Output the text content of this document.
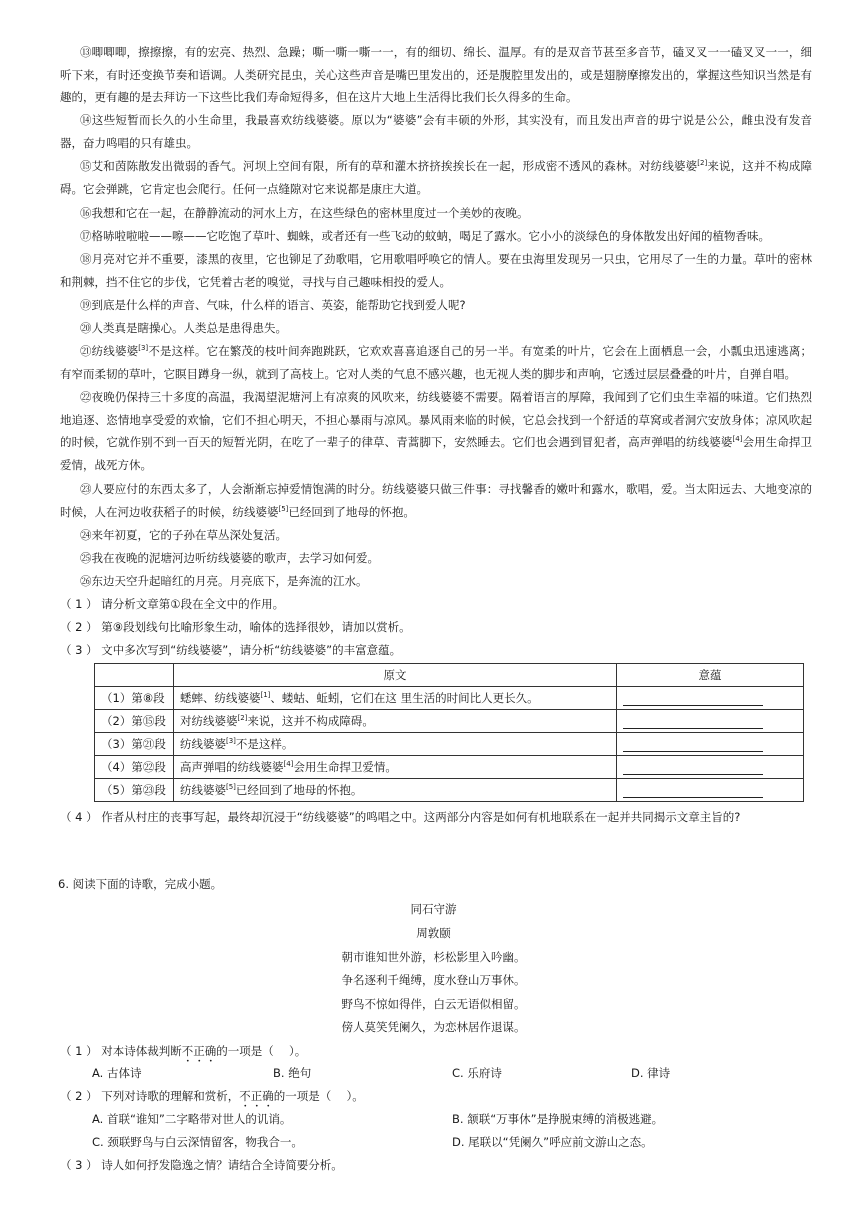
⑬唧唧唧，擦擦擦，有的宏亮、热烈、急躁；嘶一嘶一嘶一一，有的细切、绵长、温厚。有的是双音节甚至多音节，磕叉叉一一磕叉叉一一，细听下来，有时还变换节奏和语调。人类研究昆虫，关心这些声音是嘴巴里发出的，还是腹腔里发出的，或是翅膀摩擦发出的，掌握这些知识当然是有趣的，更有趣的是去拜访一下这些比我们寿命短得多，但在这片大地上生活得比我们长久得多的生命。

⑭这些短暂而长久的小生命里，我最喜欢纺线婆婆。原以为“婆婆”会有丰硕的外形，其实没有，而且发出声音的毋宁说是公公，雌虫没有发音器，奋力鸣唱的只有雄虫。

⑮艾和茵陈散发出微弱的香气。河坝上空间有限，所有的草和灌木挤挤挨挨长在一起，形成密不透风的森林。对纺线婆婆[2]来说，这并不构成障碍。它会弹跳，它肯定也会爬行。任何一点缝隙对它来说都是康庄大道。

⑯我想和它在一起，在静静流动的河水上方，在这些绿色的密林里度过一个美妙的夜晚。

⑰格哧啦啦啦——嚓——它吃饱了草叶、蜘蛛，或者还有一些飞动的蚊蚋，喝足了露水。它小小的淡绿色的身体散发出好闻的植物香味。

⑱月亮对它并不重要，漆黑的夜里，它也铆足了劲歌唱，它用歌唱呼唤它的情人。要在虫海里发现另一只虫，它用尽了一生的力量。草叶的密林和荆棘，挡不住它的步伐，它凭着古老的嗅觉，寻找与自己趣味相投的爱人。

⑲到底是什么样的声音、气味，什么样的语言、英姿，能帮助它找到爱人呢?

⑳人类真是瞎操心。人类总是患得患失。

㉑纺线婆婆[3]不是这样。它在繁茂的枝叶间奔跑跳跃，它欢欢喜喜追逐自己的另一半。有宽柔的叶片，它会在上面栖息一会，小瓢虫迅速逃离；有窄而柔韧的草叶，它瞑目蹲身一纵，就到了高枝上。它对人类的气息不感兴趣，也无视人类的脚步和声响，它透过层层叠叠的叶片，自弹自唱。

㉒夜晚仍保持三十多度的高温，我渴望泥塘河上有凉爽的风吹来，纺线婆婆不需要。隔着语言的厚障，我闻到了它们虫生幸福的味道。它们热烈地追逐、恣情地享受爱的欢愉，它们不担心明天，不担心暴雨与凉风。暴风雨来临的时候，它总会找到一个舒适的草窝或者洞穴安放身体；凉风吹起的时候，它就作别不到一百天的短暂光阴，在吃了一辈子的律草、青蒿脚下，安然睡去。它们也会遇到冒犯者，高声弹唱的纺线婆婆[4]会用生命捍卫爱情，战死方休。

㉓人要应付的东西太多了，人会渐渐忘掉爱情饱满的时分。纺线婆婆只做三件事：寻找馨香的嫩叶和露水，歌唱，爱。当太阳远去、大地变凉的时候，人在河边收获稻子的时候，纺线婆婆[5]已经回到了地母的怀抱。

㉔来年初夏，它的子孙在草丛深处复活。

㉕我在夜晚的泥塘河边听纺线婆婆的歌声，去学习如何爱。

㉖东边天空升起暗红的月亮。月亮底下，是奔流的江水。

（ 1 ） 请分析文章第①段在全文中的作用。

（ 2 ） 第⑨段划线句比喻形象生动，喻体的选择很妙，请加以赏析。

（ 3 ） 文中多次写到“纺线婆婆”，请分析“纺线婆婆”的丰富意蕴。

	原文	意蕴
（1）第⑧段	蟋蟀、纺线婆婆[1]、蝼蛄、蚯蚓，它们在这 里生活的时间比人更长久。	
（2）第⑮段	对纺线婆婆[2]来说，这并不构成障碍。	
（3）第㉑段	纺线婆婆[3]不是这样。	
（4）第㉒段	高声弹唱的纺线婆婆[4]会用生命捍卫爱情。	
（5）第㉓段	纺线婆婆[5]已经回到了地母的怀抱。	

（ 4 ） 作者从村庄的丧事写起，最终却沉浸于“纺线婆婆”的鸣唱之中。这两部分内容是如何有机地联系在一起并共同揭示文章主旨的?

6. 阅读下面的诗歌，完成小题。

同石守游

周敦颐

朝市谁知世外游，杉松影里入吟幽。

争名逐利千绳缚，度水登山万事休。

野鸟不惊如得伴，白云无语似相留。

傍人莫笑凭阑久，为恋林居作退谋。

（ 1 ） 对本诗体裁判断不正确的一项是（　 ）。

A. 古体诗	B. 绝句	C. 乐府诗	D. 律诗

（ 2 ） 下列对诗歌的理解和赏析，不正确的一项是（　 ）。

A. 首联“谁知”二字略带对世人的讥诮。	B. 颔联“万事休”是挣脱束缚的消极逃避。

C. 颈联野鸟与白云深情留客，物我合一。	D. 尾联以“凭阑久”呼应前文游山之态。

（ 3 ） 诗人如何抒发隐逸之情？请结合全诗简要分析。
